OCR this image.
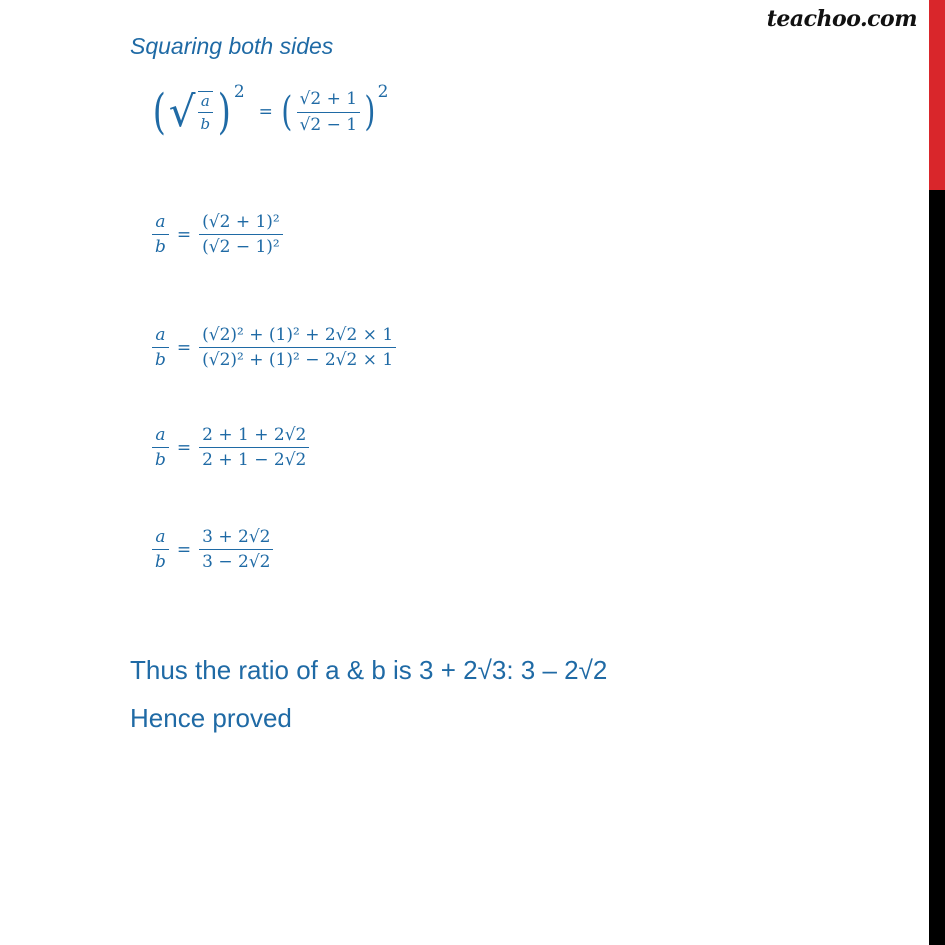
teachoo.com
Squaring both sides
( √ $\frac{a}{b}$ ) 2
= ( $\frac{√2 + 1}{√2 - 1}$ ) 2
$\frac{a}{b} = \frac{\text{(√2 + 1)²}}{\text{(√2 − 1)²}}$
$\frac{a}{b} = \frac{\text{(√2)² + (1)² + 2√2 × 1}}{\text{(√2)² + (1)² − 2√2 × 1}}$
$\frac{a}{b} = \frac{2 + 1 + 2√2}{2 + 1 - 2√2}$
$\frac{a}{b} = \frac{3 + 2√2}{3 - 2√2}$
Thus the ratio of a & b is 3 + 2√3: 3 – 2√2
Hence proved
